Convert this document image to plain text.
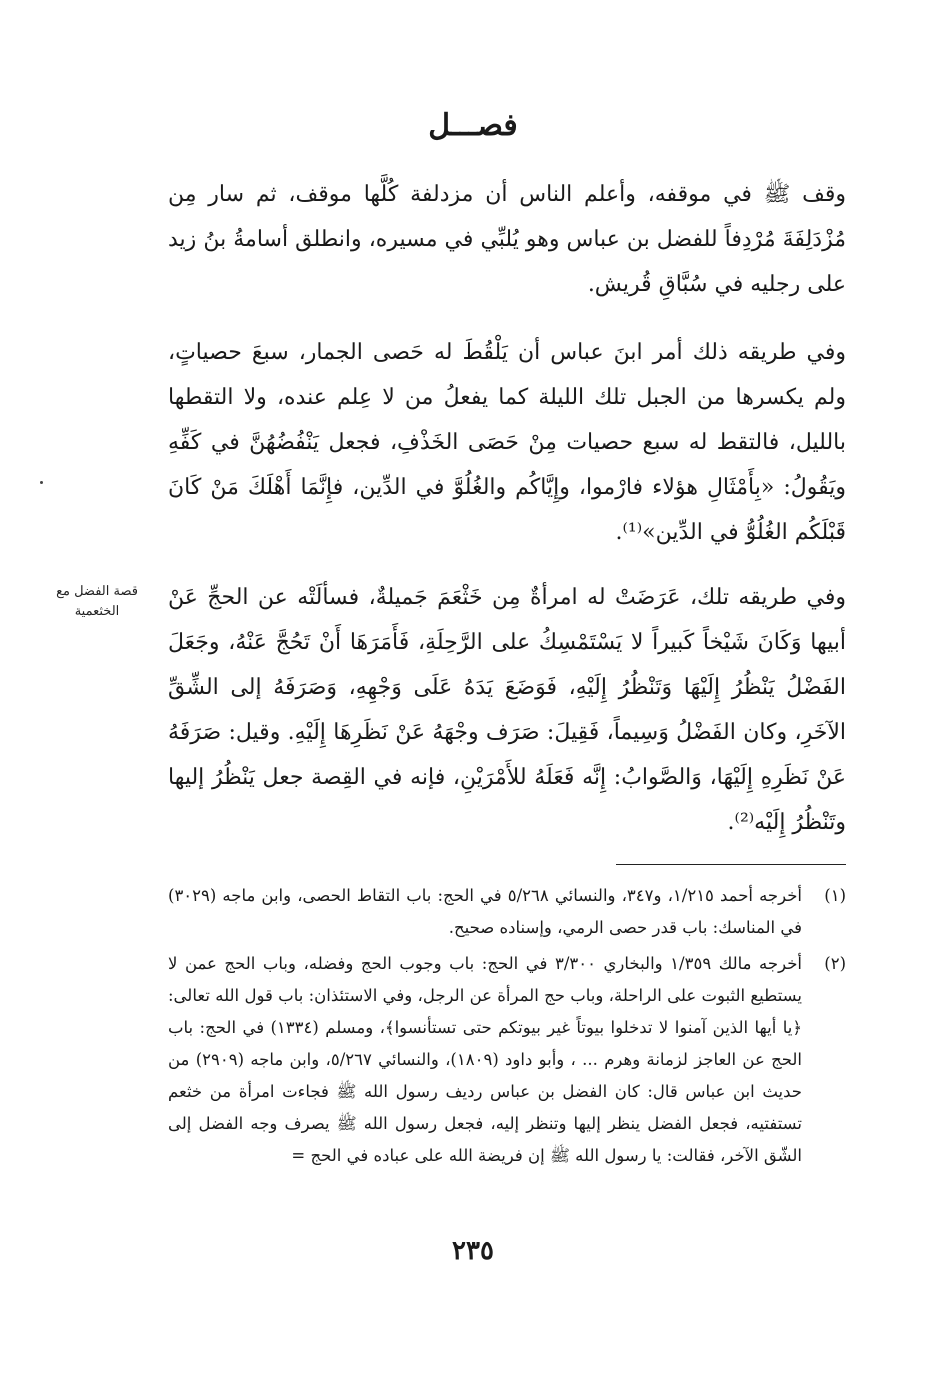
فصـــل

وقف ﷺ في موقفه، وأعلم الناس أن مزدلفة كُلَّها موقف، ثم سار مِن مُزْدَلِفَةَ مُرْدِفاً للفضل بن عباس وهو يُلبِّي في مسيره، وانطلق أسامةُ بنُ زيد على رجليه في سُبَّاقِ قُريش.

وفي طريقه ذلك أمر ابنَ عباس أن يَلْقُطَ له حَصى الجمار، سبعَ حصياتٍ، ولم يكسرها من الجبل تلك الليلة كما يفعلُ من لا عِلم عنده، ولا التقطها بالليل، فالتقط له سبع حصيات مِنْ حَصَى الخَذْفِ، فجعل يَنْفُضُهُنَّ في كَفِّهِ ويَقُولُ: «بِأَمْثَالِ هؤلاء فارْموا، وإِيَّاكُم والغُلُوَّ في الدِّين، فإِنَّمَا أَهْلَكَ مَنْ كَانَ قَبْلَكُم الغُلُوُّ في الدِّين»⁽¹⁾.

قصة الفضل مع الخثعمية

وفي طريقه تلك، عَرَضَتْ له امرأةٌ مِن خَثْعَمَ جَميلةٌ، فسألَتْه عن الحجِّ عَنْ أبيها وَكَانَ شَيْخاً كَبيراً لا يَسْتَمْسِكُ على الرَّحِلَةِ، فَأَمَرَهَا أَنْ تَحُجَّ عَنْهُ، وجَعَلَ الفَضْلُ يَنْظُرُ إِلَيْهَا وَتَنْظُرُ إِلَيْهِ، فَوَضَعَ يَدَهُ عَلَى وَجْهِهِ، وَصَرَفَهُ إلى الشِّقِّ الآخَرِ، وكان الفَضْلُ وَسِيماً، فَقِيلَ: صَرَف وجْهَهُ عَنْ نَظَرِهَا إِلَيْهِ. وقيل: صَرَفَهُ عَنْ نَظَرِهِ إِلَيْهَا، وَالصَّوابُ: إِنَّه فَعَلَهُ للأَمْرَيْنِ، فإنه في القِصة جعل يَنْظُرُ إليها وتَنْظُرُ إِلَيْه⁽²⁾.

(١)
أخرجه أحمد ١/٢١٥، و٣٤٧، والنسائي ٥/٢٦٨ في الحج: باب التقاط الحصى، وابن ماجه (٣٠٢٩) في المناسك: باب قدر حصى الرمي، وإسناده صحيح.
(٢)
أخرجه مالك ١/٣٥٩ والبخاري ٣/٣٠٠ في الحج: باب وجوب الحج وفضله، وباب الحج عمن لا يستطيع الثبوت على الراحلة، وباب حج المرأة عن الرجل، وفي الاستئذان: باب قول الله تعالى: ﴿يا أيها الذين آمنوا لا تدخلوا بيوتاً غير بيوتكم حتى تستأنسوا﴾، ومسلم (١٣٣٤) في الحج: باب الحج عن العاجز لزمانة وهرم ... ، وأبو داود (١٨٠٩)، والنسائي ٥/٢٦٧، وابن ماجه (٢٩٠٩) من حديث ابن عباس قال: كان الفضل بن عباس رديف رسول الله ﷺ فجاءت امرأة من خثعم تستفتيه، فجعل الفضل ينظر إليها وتنظر إليه، فجعل رسول الله ﷺ يصرف وجه الفضل إلى الشّق الآخر، فقالت: يا رسول الله ﷺ إن فريضة الله على عباده في الحج =
٢٣٥
